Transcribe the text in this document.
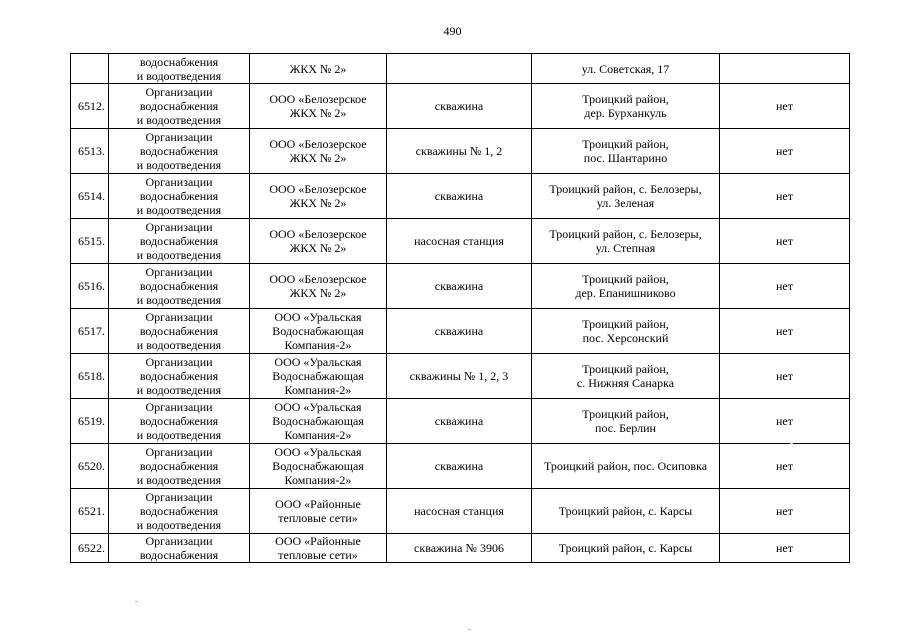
490

	водоснабжения
и водоотведения	ЖКХ № 2»		ул. Советская, 17	

6512.	Организации
водоснабжения
и водоотведения	ООО «Белозерское
ЖКХ № 2»	скважина	Троицкий район,
дер. Бурханкуль	нет

6513.	Организации
водоснабжения
и водоотведения	ООО «Белозерское
ЖКХ № 2»	скважины № 1, 2	Троицкий район,
пос. Шантарино	нет

6514.	Организации
водоснабжения
и водоотведения	ООО «Белозерское
ЖКХ № 2»	скважина	Троицкий район, с. Белозеры,
ул. Зеленая	нет

6515.	Организации
водоснабжения
и водоотведения	ООО «Белозерское
ЖКХ № 2»	насосная станция	Троицкий район, с. Белозеры,
ул. Степная	нет

6516.	Организации
водоснабжения
и водоотведения	ООО «Белозерское
ЖКХ № 2»	скважина	Троицкий район,
дер. Епанишниково	нет

6517.	Организации
водоснабжения
и водоотведения	ООО «Уральская
Водоснабжающая
Компания-2»	скважина	Троицкий район,
пос. Херсонский	нет

6518.	Организации
водоснабжения
и водоотведения	ООО «Уральская
Водоснабжающая
Компания-2»	скважины № 1, 2, 3	Троицкий район,
с. Нижняя Санарка	нет

6519.	Организации
водоснабжения
и водоотведения	ООО «Уральская
Водоснабжающая
Компания-2»	скважина	Троицкий район,
пос. Берлин	нет

6520.	Организации
водоснабжения
и водоотведения	ООО «Уральская
Водоснабжающая
Компания-2»	скважина	Троицкий район, пос. Осиповка	нет

6521.	Организации
водоснабжения
и водоотведения	ООО «Районные
тепловые сети»	насосная станция	Троицкий район, с. Карсы	нет

6522.	Организации
водоснабжения	ООО «Районные
тепловые сети»	скважина № 3906	Троицкий район, с. Карсы	нет
